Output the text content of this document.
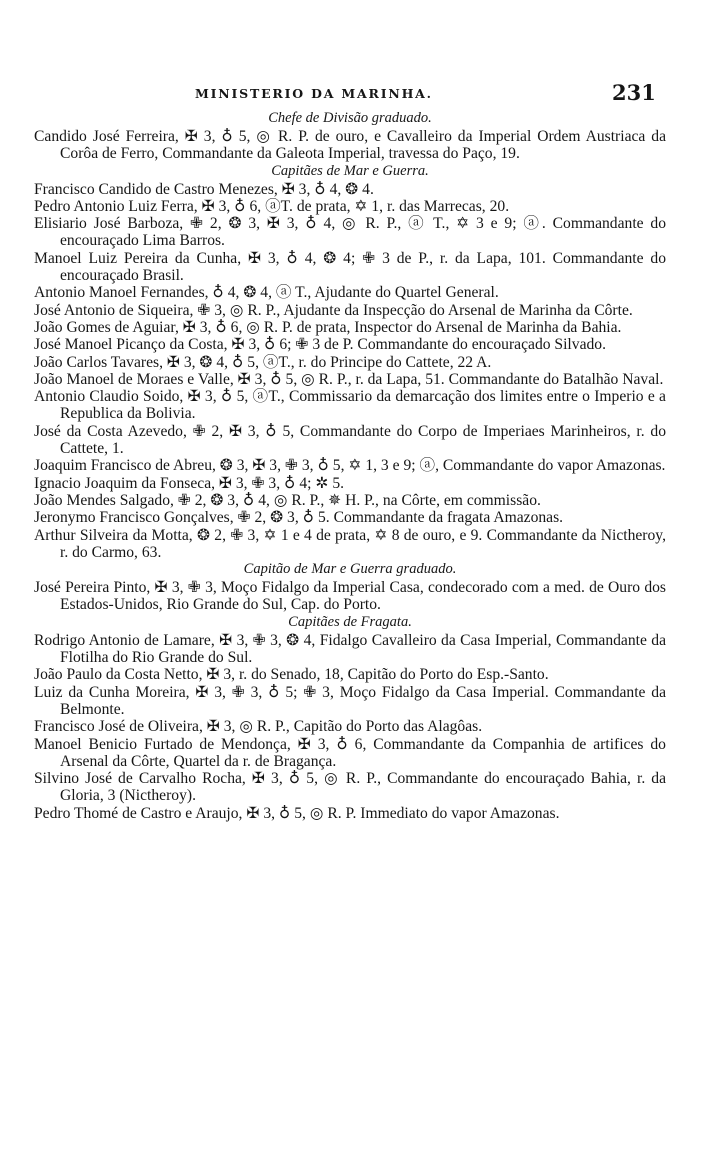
MINISTERIO DA MARINHA.	231
Chefe de Divisão graduado.

Candido José Ferreira, ✠ 3, ♁ 5, ◎ R. P. de ouro, e Cavalleiro da Imperial Ordem Austriaca da Corôa de Ferro, Commandante da Galeota Imperial, travessa do Paço, 19.

Capitães de Mar e Guerra.

Francisco Candido de Castro Menezes, ✠ 3, ♁ 4, ❂ 4.

Pedro Antonio Luiz Ferra, ✠ 3, ♁ 6, ⓐT. de prata, ✡ 1, r. das Marrecas, 20.

Elisiario José Barboza, ✙ 2, ❂ 3, ✠ 3, ♁ 4, ◎ R. P., ⓐ T., ✡ 3 e 9; ⓐ. Commandante do encouraçado Lima Barros.

Manoel Luiz Pereira da Cunha, ✠ 3, ♁ 4, ❂ 4; ✙ 3 de P., r. da Lapa, 101. Commandante do encouraçado Brasil.

Antonio Manoel Fernandes, ♁ 4, ❂ 4, ⓐ T., Ajudante do Quartel General.

José Antonio de Siqueira, ✙ 3, ◎ R. P., Ajudante da Inspecção do Arsenal de Marinha da Côrte.

João Gomes de Aguiar, ✠ 3, ♁ 6, ◎ R. P. de prata, Inspector do Arsenal de Marinha da Bahia.

José Manoel Picanço da Costa, ✠ 3, ♁ 6; ✙ 3 de P. Commandante do encouraçado Silvado.

João Carlos Tavares, ✠ 3, ❂ 4, ♁ 5, ⓐT., r. do Principe do Cattete, 22 A.

João Manoel de Moraes e Valle, ✠ 3, ♁ 5, ◎ R. P., r. da Lapa, 51. Commandante do Batalhão Naval.

Antonio Claudio Soido, ✠ 3, ♁ 5, ⓐT., Commissario da demarcação dos limites entre o Imperio e a Republica da Bolivia.

José da Costa Azevedo, ✙ 2, ✠ 3, ♁ 5, Commandante do Corpo de Imperiaes Marinheiros, r. do Cattete, 1.

Joaquim Francisco de Abreu, ❂ 3, ✠ 3, ✙ 3, ♁ 5, ✡ 1, 3 e 9; ⓐ, Commandante do vapor Amazonas.

Ignacio Joaquim da Fonseca, ✠ 3, ✙ 3, ♁ 4; ✲ 5.

João Mendes Salgado, ✙ 2, ❂ 3, ♁ 4, ◎ R. P., ✵ H. P., na Côrte, em commissão.

Jeronymo Francisco Gonçalves, ✙ 2, ❂ 3, ♁ 5. Commandante da fragata Amazonas.

Arthur Silveira da Motta, ❂ 2, ✙ 3, ✡ 1 e 4 de prata, ✡ 8 de ouro, e 9. Commandante da Nictheroy, r. do Carmo, 63.

Capitão de Mar e Guerra graduado.

José Pereira Pinto, ✠ 3, ✙ 3, Moço Fidalgo da Imperial Casa, condecorado com a med. de Ouro dos Estados-Unidos, Rio Grande do Sul, Cap. do Porto.

Capitães de Fragata.

Rodrigo Antonio de Lamare, ✠ 3, ✙ 3, ❂ 4, Fidalgo Cavalleiro da Casa Imperial, Commandante da Flotilha do Rio Grande do Sul.

João Paulo da Costa Netto, ✠ 3, r. do Senado, 18, Capitão do Porto do Esp.-Santo.

Luiz da Cunha Moreira, ✠ 3, ✙ 3, ♁ 5; ✙ 3, Moço Fidalgo da Casa Imperial. Commandante da Belmonte.

Francisco José de Oliveira, ✠ 3, ◎ R. P., Capitão do Porto das Alagôas.

Manoel Benicio Furtado de Mendonça, ✠ 3, ♁ 6, Commandante da Companhia de artifices do Arsenal da Côrte, Quartel da r. de Bragança.

Silvino José de Carvalho Rocha, ✠ 3, ♁ 5, ◎ R. P., Commandante do encouraçado Bahia, r. da Gloria, 3 (Nictheroy).

Pedro Thomé de Castro e Araujo, ✠ 3, ♁ 5, ◎ R. P. Immediato do vapor Amazonas.
